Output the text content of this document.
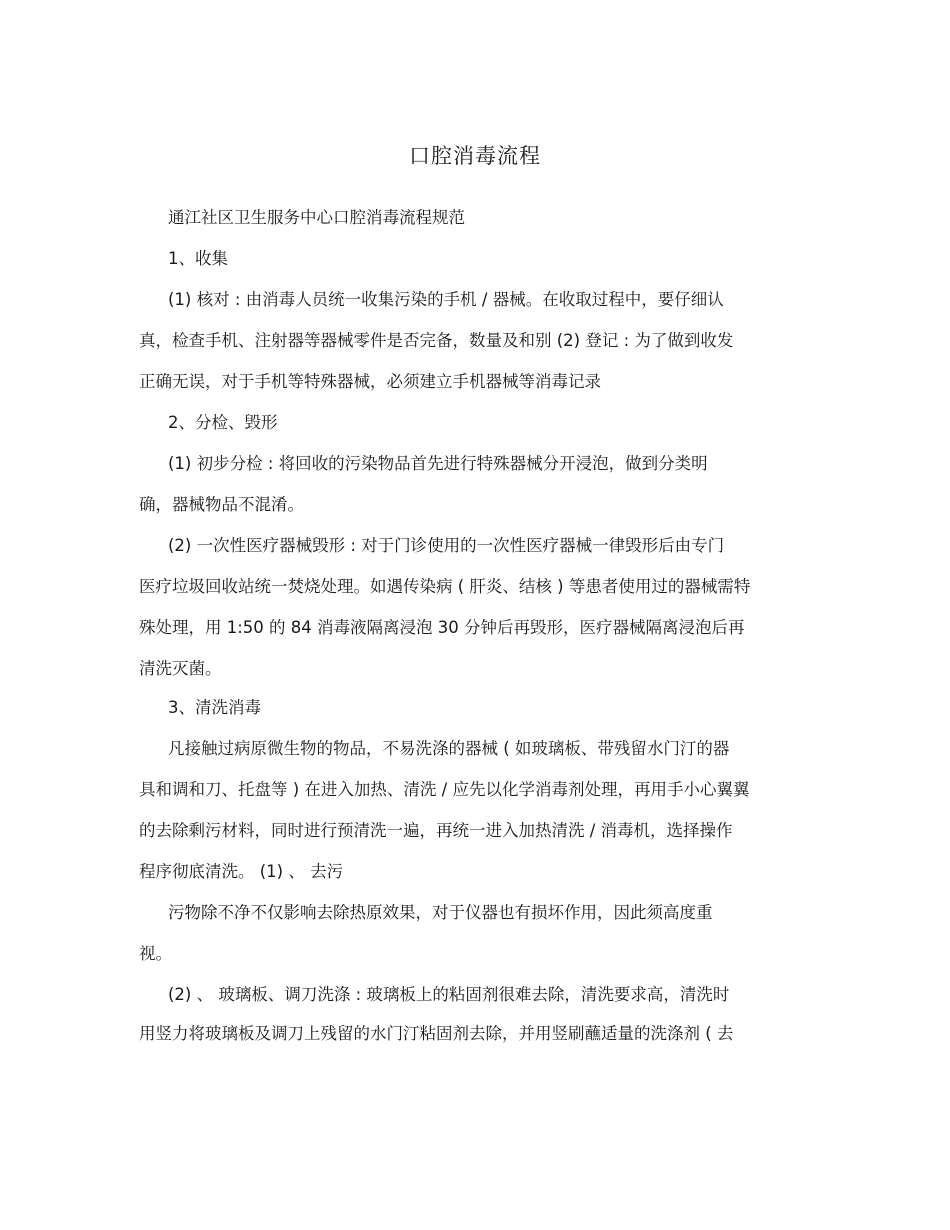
口腔消毒流程
通江社区卫生服务中心口腔消毒流程规范
1、收集
(1) 核对 : 由消毒人员统一收集污染的手机 / 器械。在收取过程中，要仔细认
真，检查手机、注射器等器械零件是否完备，数量及和别 (2) 登记 : 为了做到收发
正确无误，对于手机等特殊器械，必须建立手机器械等消毒记录
2、分检、毁形
(1) 初步分检 : 将回收的污染物品首先进行特殊器械分开浸泡，做到分类明
确，器械物品不混淆。
(2) 一次性医疗器械毁形 : 对于门诊使用的一次性医疗器械一律毁形后由专门
医疗垃圾回收站统一焚烧处理。如遇传染病 ( 肝炎、结核 ) 等患者使用过的器械需特
殊处理，用 1:50 的 84 消毒液隔离浸泡 30 分钟后再毁形，医疗器械隔离浸泡后再
清洗灭菌。
3、清洗消毒
凡接触过病原微生物的物品，不易洗涤的器械 ( 如玻璃板、带残留水门汀的器
具和调和刀、托盘等 ) 在进入加热、清洗 / 应先以化学消毒剂处理，再用手小心翼翼
的去除剩污材料，同时进行预清洗一遍，再统一进入加热清洗 / 消毒机，选择操作
程序彻底清洗。 (1) 、 去污
污物除不净不仅影响去除热原效果，对于仪器也有损坏作用，因此须高度重
视。
(2) 、 玻璃板、调刀洗涤 : 玻璃板上的粘固剂很难去除，清洗要求高，清洗时
用竖力将玻璃板及调刀上残留的水门汀粘固剂去除，并用竖刷蘸适量的洗涤剂 ( 去
